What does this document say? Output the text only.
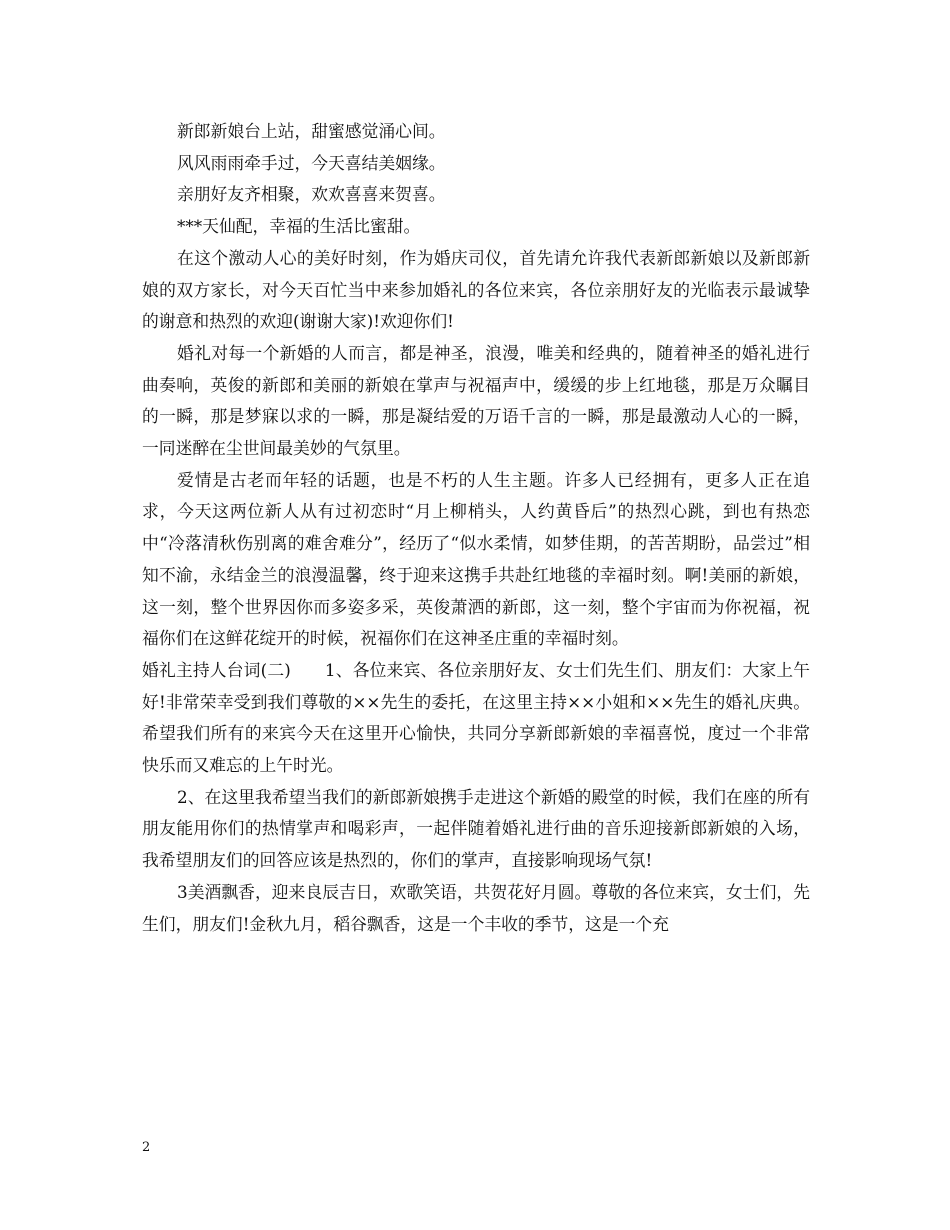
新郎新娘台上站，甜蜜感觉涌心间。

风风雨雨牵手过，今天喜结美姻缘。

亲朋好友齐相聚，欢欢喜喜来贺喜。

***天仙配，幸福的生活比蜜甜。

在这个激动人心的美好时刻，作为婚庆司仪，首先请允许我代表新郎新娘以及新郎新娘的双方家长，对今天百忙当中来参加婚礼的各位来宾，各位亲朋好友的光临表示最诚挚的谢意和热烈的欢迎(谢谢大家)!欢迎你们!

婚礼对每一个新婚的人而言，都是神圣，浪漫，唯美和经典的，随着神圣的婚礼进行曲奏响，英俊的新郎和美丽的新娘在掌声与祝福声中，缓缓的步上红地毯，那是万众瞩目的一瞬，那是梦寐以求的一瞬，那是凝结爱的万语千言的一瞬，那是最激动人心的一瞬，一同迷醉在尘世间最美妙的气氛里。

爱情是古老而年轻的话题，也是不朽的人生主题。许多人已经拥有，更多人正在追求，今天这两位新人从有过初恋时“月上柳梢头，人约黄昏后”的热烈心跳，到也有热恋中“冷落清秋伤别离的难舍难分”，经历了“似水柔情，如梦佳期，的苦苦期盼，品尝过”相知不渝，永结金兰的浪漫温馨，终于迎来这携手共赴红地毯的幸福时刻。啊!美丽的新娘，这一刻，整个世界因你而多姿多采，英俊萧洒的新郎，这一刻，整个宇宙而为你祝福，祝福你们在这鲜花绽开的时候，祝福你们在这神圣庄重的幸福时刻。

婚礼主持人台词(二)　　1、各位来宾、各位亲朋好友、女士们先生们、朋友们：大家上午好!非常荣幸受到我们尊敬的××先生的委托，在这里主持××小姐和××先生的婚礼庆典。希望我们所有的来宾今天在这里开心愉快，共同分享新郎新娘的幸福喜悦，度过一个非常快乐而又难忘的上午时光。

2、在这里我希望当我们的新郎新娘携手走进这个新婚的殿堂的时候，我们在座的所有朋友能用你们的热情掌声和喝彩声，一起伴随着婚礼进行曲的音乐迎接新郎新娘的入场，我希望朋友们的回答应该是热烈的，你们的掌声，直接影响现场气氛!

3美酒飘香，迎来良辰吉日，欢歌笑语，共贺花好月圆。尊敬的各位来宾，女士们，先生们，朋友们!金秋九月，稻谷飘香，这是一个丰收的季节，这是一个充

2
